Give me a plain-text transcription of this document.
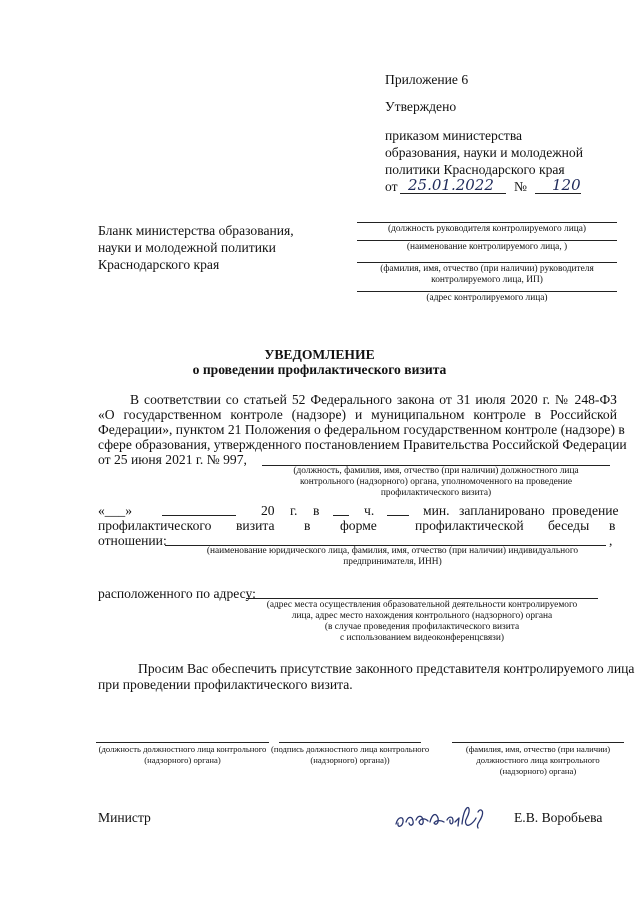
Приложение 6
Утверждено
приказом министерства
образования, науки и молодежной
политики Краснодарского края
от 25.01.2022 № 120
Бланк министерства образования,
науки и молодежной политики
Краснодарского края
(должность руководителя контролируемого лица)
(наименование контролируемого лица, )
(фамилия, имя, отчество (при наличии) руководителя
контролируемого лица, ИП)
(адрес контролируемого лица)
УВЕДОМЛЕНИЕ
о проведении профилактического визита
В соответствии со статьей 52 Федерального закона от 31 июля 2020 г. № 248-ФЗ
«О государственном контроле (надзоре) и муниципальном контроле в Российской
Федерации», пунктом 21 Положения о федеральном государственном контроле (надзоре) в
сфере образования, утвержденного постановлением Правительства Российской Федерации
от 25 июня 2021 г. № 997,
(должность, фамилия, имя, отчество (при наличии) должностного лица
контрольного (надзорного) органа, уполномоченного на проведение
профилактического визита)
«___»	20 г. в	ч.	мин. запланировано проведение
профилактического визита в форме	профилактической беседы в
отношении:	,
(наименование юридического лица, фамилия, имя, отчество (при наличии) индивидуального
предпринимателя, ИНН)
расположенного по адресу:
(адрес места осуществления образовательной деятельности контролируемого
лица, адрес место нахождения контрольного (надзорного) органа
(в случае проведения профилактического визита
с использованием видеоконференцсвязи)
Просим Вас обеспечить присутствие законного представителя контролируемого лица
при проведении профилактического визита.
(должность должностного лица контрольного
(надзорного) органа)
(подпись должностного лица контрольного
(надзорного) органа))
(фамилия, имя, отчество (при наличии)
должностного лица контрольного
(надзорного) органа)
Министр	Е.В. Воробьева
